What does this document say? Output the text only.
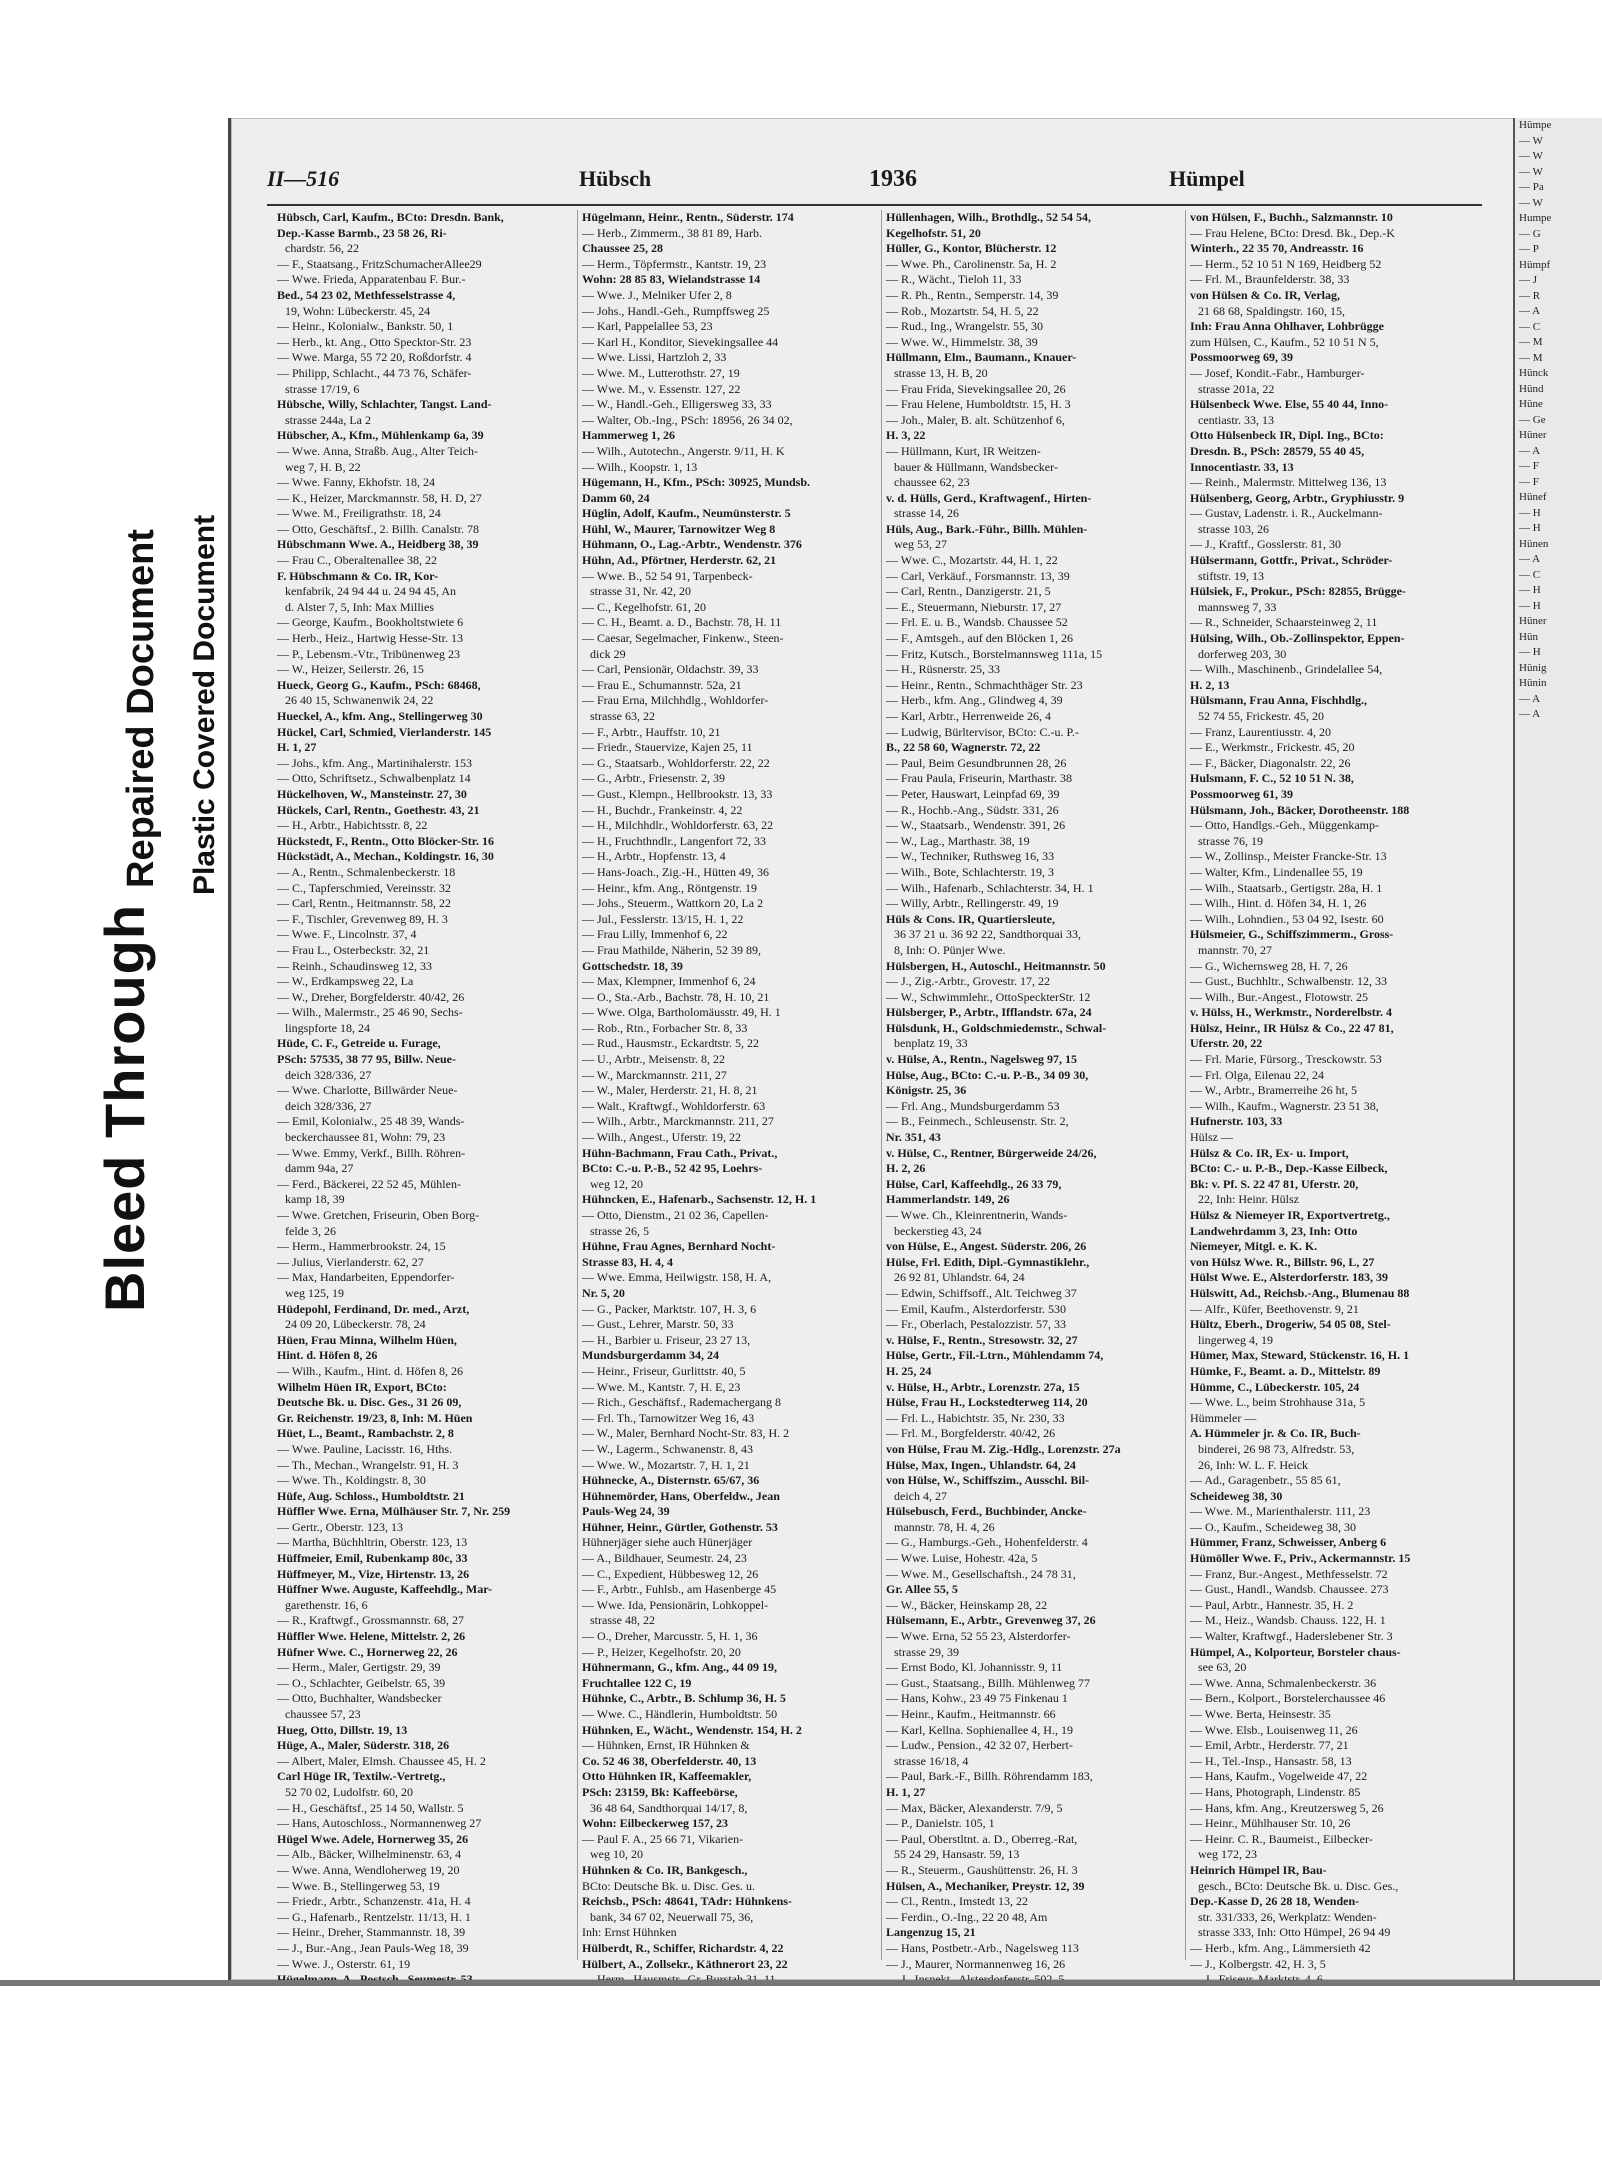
Bleed Through
Repaired Document Plastic Covered Document
II—516	Hübsch	1936	Hümpel
Hübsch, Carl, Kaufm., BCto: Dresdn. Bank,
Dep.-Kasse Barmb., 23 58 26, Ri-
chardstr. 56, 22
— F., Staatsang., FritzSchumacherAllee29
— Wwe. Frieda, Apparatenbau F. Bur.-
Bed., 54 23 02, Methfesselstrasse 4,
19, Wohn: Lübeckerstr. 45, 24
— Heinr., Kolonialw., Bankstr. 50, 1
— Herb., kt. Ang., Otto Specktor-Str. 23
— Wwe. Marga, 55 72 20, Roßdorfstr. 4
— Philipp, Schlacht., 44 73 76, Schäfer-
strasse 17/19, 6
Hübsche, Willy, Schlachter, Tangst. Land-
strasse 244a, La 2
Hübscher, A., Kfm., Mühlenkamp 6a, 39
— Wwe. Anna, Straßb. Aug., Alter Teich-
weg 7, H. B, 22
— Wwe. Fanny, Ekhofstr. 18, 24
— K., Heizer, Marckmannstr. 58, H. D, 27
— Wwe. M., Freiligrathstr. 18, 24
— Otto, Geschäftsf., 2. Billh. Canalstr. 78
Hübschmann Wwe. A., Heidberg 38, 39
— Frau C., Oberaltenallee 38, 22
F. Hübschmann & Co. IR, Kor-
kenfabrik, 24 94 44 u. 24 94 45, An
d. Alster 7, 5, Inh: Max Millies
— George, Kaufm., Bookholtstwiete 6
— Herb., Heiz., Hartwig Hesse-Str. 13
— P., Lebensm.-Vtr., Tribünenweg 23
— W., Heizer, Seilerstr. 26, 15
Hueck, Georg G., Kaufm., PSch: 68468,
26 40 15, Schwanenwik 24, 22
Hueckel, A., kfm. Ang., Stellingerweg 30
Hückel, Carl, Schmied, Vierlanderstr. 145
H. 1, 27
— Johs., kfm. Ang., Martinihalerstr. 153
— Otto, Schriftsetz., Schwalbenplatz 14
Hückelhoven, W., Mansteinstr. 27, 30
Hückels, Carl, Rentn., Goethestr. 43, 21
— H., Arbtr., Habichtsstr. 8, 22
Hückstedt, F., Rentn., Otto Blöcker-Str. 16
Hückstädt, A., Mechan., Koldingstr. 16, 30
— A., Rentn., Schmalenbeckerstr. 18
— C., Tapferschmied, Vereinsstr. 32
— Carl, Rentn., Heitmannstr. 58, 22
— F., Tischler, Grevenweg 89, H. 3
— Wwe. F., Lincolnstr. 37, 4
— Frau L., Osterbeckstr. 32, 21
— Reinh., Schaudinsweg 12, 33
— W., Erdkampsweg 22, La
— W., Dreher, Borgfelderstr. 40/42, 26
— Wilh., Malermstr., 25 46 90, Sechs-
lingspforte 18, 24
Hüde, C. F., Getreide u. Furage,
PSch: 57535, 38 77 95, Billw. Neue-
deich 328/336, 27
— Wwe. Charlotte, Billwärder Neue-
deich 328/336, 27
— Emil, Kolonialw., 25 48 39, Wands-
beckerchaussee 81, Wohn: 79, 23
— Wwe. Emmy, Verkf., Billh. Röhren-
damm 94a, 27
— Ferd., Bäckerei, 22 52 45, Mühlen-
kamp 18, 39
— Wwe. Gretchen, Friseurin, Oben Borg-
felde 3, 26
— Herm., Hammerbrookstr. 24, 15
— Julius, Vierlanderstr. 62, 27
— Max, Handarbeiten, Eppendorfer-
weg 125, 19
Hüdepohl, Ferdinand, Dr. med., Arzt,
24 09 20, Lübeckerstr. 78, 24
Hüen, Frau Minna, Wilhelm Hüen,
Hint. d. Höfen 8, 26
— Wilh., Kaufm., Hint. d. Höfen 8, 26
Wilhelm Hüen IR, Export, BCto:
Deutsche Bk. u. Disc. Ges., 31 26 09,
Gr. Reichenstr. 19/23, 8, Inh: M. Hüen
Hüet, L., Beamt., Rambachstr. 2, 8
— Wwe. Pauline, Lacisstr. 16, Hths.
— Th., Mechan., Wrangelstr. 91, H. 3
— Wwe. Th., Koldingstr. 8, 30
Hüfe, Aug. Schloss., Humboldtstr. 21
Hüffler Wwe. Erna, Mülhäuser Str. 7, Nr. 259
— Gertr., Oberstr. 123, 13
— Martha, Büchhltrin, Oberstr. 123, 13
Hüffmeier, Emil, Rubenkamp 80c, 33
Hüffmeyer, M., Vize, Hirtenstr. 13, 26
Hüffner Wwe. Auguste, Kaffeehdlg., Mar-
garethenstr. 16, 6
— R., Kraftwgf., Grossmannstr. 68, 27
Hüffler Wwe. Helene, Mittelstr. 2, 26
Hüfner Wwe. C., Hornerweg 22, 26
— Herm., Maler, Gertigstr. 29, 39
— O., Schlachter, Geibelstr. 65, 39
— Otto, Buchhalter, Wandsbecker
chaussee 57, 23
Hueg, Otto, Dillstr. 19, 13
Hüge, A., Maler, Süderstr. 318, 26
— Albert, Maler, Elmsh. Chaussee 45, H. 2
Carl Hüge IR, Textilw.-Vertretg.,
52 70 02, Ludolfstr. 60, 20
— H., Geschäftsf., 25 14 50, Wallstr. 5
— Hans, Autoschloss., Normannenweg 27
Hügel Wwe. Adele, Hornerweg 35, 26
— Alb., Bäcker, Wilhelminenstr. 63, 4
— Wwe. Anna, Wendloherweg 19, 20
— Wwe. B., Stellingerweg 53, 19
— Friedr., Arbtr., Schanzenstr. 41a, H. 4
— G., Hafenarb., Rentzelstr. 11/13, H. 1
— Heinr., Dreher, Stammannstr. 18, 39
— J., Bur.-Ang., Jean Pauls-Weg 18, 39
— Wwe. J., Osterstr. 61, 19
Hügelmann, Heinr., Rentn., Süderstr. 174
— Herb., Zimmerm., 38 81 89, Harb.
Chaussee 25, 28
— Herm., Töpfermstr., Kantstr. 19, 23
Wohn: 28 85 83, Wielandstrasse 14
— Wwe. J., Melniker Ufer 2, 8
— Johs., Handl.-Geh., Rumpffsweg 25
— Karl, Pappelallee 53, 23
— Karl H., Konditor, Sievekingsallee 44
— Wwe. Lissi, Hartzloh 2, 33
— Wwe. M., Lutterothstr. 27, 19
— Wwe. M., v. Essenstr. 127, 22
— W., Handl.-Geh., Elligersweg 33, 33
— Walter, Ob.-Ing., PSch: 18956, 26 34 02,
Hammerweg 1, 26
— Wilh., Autotechn., Angerstr. 9/11, H. K
— Wilh., Koopstr. 1, 13
Hügemann, H., Kfm., PSch: 30925, Mundsb.
Damm 60, 24
Hüglin, Adolf, Kaufm., Neumünsterstr. 5
Hühl, W., Maurer, Tarnowitzer Weg 8
Hühmann, O., Lag.-Arbtr., Wendenstr. 376
Hühn, Ad., Pförtner, Herderstr. 62, 21
— Wwe. B., 52 54 91, Tarpenbeck-
strasse 31, Nr. 42, 20
— C., Kegelhofstr. 61, 20
— C. H., Beamt. a. D., Bachstr. 78, H. 11
— Caesar, Segelmacher, Finkenw., Steen-
dick 29
— Carl, Pensionär, Oldachstr. 39, 33
— Frau E., Schumannstr. 52a, 21
— Frau Erna, Milchhdlg., Wohldorfer-
strasse 63, 22
— F., Arbtr., Hauffstr. 10, 21
— Friedr., Stauervize, Kajen 25, 11
— G., Staatsarb., Wohldorferstr. 22, 22
— G., Arbtr., Friesenstr. 2, 39
— Gust., Klempn., Hellbrookstr. 13, 33
— H., Buchdr., Frankeinstr. 4, 22
— H., Milchhdlr., Wohldorferstr. 63, 22
— H., Fruchthndlr., Langenfort 72, 33
— H., Arbtr., Hopfenstr. 13, 4
— Hans-Joach., Zig.-H., Hütten 49, 36
— Heinr., kfm. Ang., Röntgenstr. 19
— Johs., Steuerm., Wattkorn 20, La 2
— Jul., Fesslerstr. 13/15, H. 1, 22
— Frau Lilly, Immenhof 6, 22
— Frau Mathilde, Näherin, 52 39 89,
Gottschedstr. 18, 39
— Max, Klempner, Immenhof 6, 24
— O., Sta.-Arb., Bachstr. 78, H. 10, 21
— Wwe. Olga, Bartholomäusstr. 49, H. 1
— Rob., Rtn., Forbacher Str. 8, 33
— Rud., Hausmstr., Eckardtstr. 5, 22
— U., Arbtr., Meisenstr. 8, 22
— W., Marckmannstr. 211, 27
— W., Maler, Herderstr. 21, H. 8, 21
— Walt., Kraftwgf., Wohldorferstr. 63
— Wilh., Arbtr., Marckmannstr. 211, 27
— Wilh., Angest., Uferstr. 19, 22
Hühn-Bachmann, Frau Cath., Privat.,
BCto: C.-u. P.-B., 52 42 95, Loehrs-
weg 12, 20
Hühncken, E., Hafenarb., Sachsenstr. 12, H. 1
— Otto, Dienstm., 21 02 36, Capellen-
strasse 26, 5
Hühne, Frau Agnes, Bernhard Nocht-
Strasse 83, H. 4, 4
— Wwe. Emma, Heilwigstr. 158, H. A,
Nr. 5, 20
— G., Packer, Marktstr. 107, H. 3, 6
— Gust., Lehrer, Marstr. 50, 33
— H., Barbier u. Friseur, 23 27 13,
Mundsburgerdamm 34, 24
— Heinr., Friseur, Gurlittstr. 40, 5
— Wwe. M., Kantstr. 7, H. E, 23
— Rich., Geschäftsf., Rademachergang 8
— Frl. Th., Tarnowitzer Weg 16, 43
— W., Maler, Bernhard Nocht-Str. 83, H. 2
— W., Lagerm., Schwanenstr. 8, 43
— Wwe. W., Mozartstr. 7, H. 1, 21
Hühnecke, A., Disternstr. 65/67, 36
Hühnemörder, Hans, Oberfeldw., Jean
Pauls-Weg 24, 39
Hühner, Heinr., Gürtler, Gothenstr. 53
Hühnerjäger siehe auch Hünerjäger
— A., Bildhauer, Seumestr. 24, 23
— C., Expedient, Hübbesweg 12, 26
— F., Arbtr., Fuhlsb., am Hasenberge 45
— Wwe. Ida, Pensionärin, Lohkoppel-
strasse 48, 22
— O., Dreher, Marcusstr. 5, H. 1, 36
— P., Heizer, Kegelhofstr. 20, 20
Hühnermann, G., kfm. Ang., 44 09 19,
Fruchtallee 122 C, 19
Hühnke, C., Arbtr., B. Schlump 36, H. 5
— Wwe. C., Händlerin, Humboldtstr. 50
Hühnken, E., Wächt., Wendenstr. 154, H. 2
— Hühnken, Ernst, IR Hühnken &
Co. 52 46 38, Oberfelderstr. 40, 13
Otto Hühnken IR, Kaffeemakler,
PSch: 23159, Bk: Kaffeebörse,
36 48 64, Sandthorquai 14/17, 8,
Wohn: Eilbeckerweg 157, 23
— Paul F. A., 25 66 71, Vikarien-
weg 10, 20
Hühnken & Co. IR, Bankgesch.,
BCto: Deutsche Bk. u. Disc. Ges. u.
Reichsb., PSch: 48641, TAdr: Hühnkens-
bank, 34 67 02, Neuerwall 75, 36,
Inh: Ernst Hühnken
Hülberdt, R., Schiffer, Richardstr. 4, 22
Hülbert, A., Zollsekr., Käthnerort 23, 22
Hüllenhagen, Wilh., Brothdlg., 52 54 54,
Kegelhofstr. 51, 20
Hüller, G., Kontor, Blücherstr. 12
— Wwe. Ph., Carolinenstr. 5a, H. 2
— R., Wächt., Tieloh 11, 33
— R. Ph., Rentn., Semperstr. 14, 39
— Rob., Mozartstr. 54, H. 5, 22
— Rud., Ing., Wrangelstr. 55, 30
— Wwe. W., Himmelstr. 38, 39
Hüllmann, Elm., Baumann., Knauer-
strasse 13, H. B, 20
— Frau Frida, Sievekingsallee 20, 26
— Frau Helene, Humboldtstr. 15, H. 3
— Joh., Maler, B. alt. Schützenhof 6,
H. 3, 22
— Hüllmann, Kurt, IR Weitzen-
bauer & Hüllmann, Wandsbecker-
chaussee 62, 23
v. d. Hülls, Gerd., Kraftwagenf., Hirten-
strasse 14, 26
Hüls, Aug., Bark.-Führ., Billh. Mühlen-
weg 53, 27
— Wwe. C., Mozartstr. 44, H. 1, 22
— Carl, Verkäuf., Forsmannstr. 13, 39
— Carl, Rentn., Danzigerstr. 21, 5
— E., Steuermann, Nieburstr. 17, 27
— Frl. E. u. B., Wandsb. Chaussee 52
— F., Amtsgeh., auf den Blöcken 1, 26
— Fritz, Kutsch., Borstelmannsweg 111a, 15
— H., Rüsnerstr. 25, 33
— Heinr., Rentn., Schmachthäger Str. 23
— Herb., kfm. Ang., Glindweg 4, 39
— Karl, Arbtr., Herrenweide 26, 4
— Ludwig, Bürltervisor, BCto: C.-u. P.-
B., 22 58 60, Wagnerstr. 72, 22
— Paul, Beim Gesundbrunnen 28, 26
— Frau Paula, Friseurin, Marthastr. 38
— Peter, Hauswart, Leinpfad 69, 39
— R., Hochb.-Ang., Südstr. 331, 26
— W., Staatsarb., Wendenstr. 391, 26
— W., Lag., Marthastr. 38, 19
— W., Techniker, Ruthsweg 16, 33
— Wilh., Bote, Schlachterstr. 19, 3
— Wilh., Hafenarb., Schlachterstr. 34, H. 1
— Willy, Arbtr., Rellingerstr. 49, 19
Hüls & Cons. IR, Quartiersleute,
36 37 21 u. 36 92 22, Sandthorquai 33,
8, Inh: O. Pünjer Wwe.
Hülsbergen, H., Autoschl., Heitmannstr. 50
— J., Zig.-Arbtr., Grovestr. 17, 22
— W., Schwimmlehr., OttoSpeckterStr. 12
Hülsberger, P., Arbtr., Ifflandstr. 67a, 24
Hülsdunk, H., Goldschmiedemstr., Schwal-
benplatz 19, 33
v. Hülse, A., Rentn., Nagelsweg 97, 15
Hülse, Aug., BCto: C.-u. P.-B., 34 09 30,
Königstr. 25, 36
— Frl. Ang., Mundsburgerdamm 53
— B., Feinmech., Schleusenstr. Str. 2,
Nr. 351, 43
v. Hülse, C., Rentner, Bürgerweide 24/26,
H. 2, 26
Hülse, Carl, Kaffeehdlg., 26 33 79,
Hammerlandstr. 149, 26
— Wwe. Ch., Kleinrentnerin, Wands-
beckerstieg 43, 24
von Hülse, E., Angest. Süderstr. 206, 26
Hülse, Frl. Edith, Dipl.-Gymnastiklehr.,
26 92 81, Uhlandstr. 64, 24
— Edwin, Schiffsoff., Alt. Teichweg 37
— Emil, Kaufm., Alsterdorferstr. 530
— Fr., Oberlach, Pestalozzistr. 57, 33
v. Hülse, F., Rentn., Stresowstr. 32, 27
Hülse, Gertr., Fil.-Ltrn., Mühlendamm 74,
H. 25, 24
v. Hülse, H., Arbtr., Lorenzstr. 27a, 15
Hülse, Frau H., Lockstedterweg 114, 20
— Frl. L., Habichtstr. 35, Nr. 230, 33
— Frl. M., Borgfelderstr. 40/42, 26
von Hülse, Frau M. Zig.-Hdlg., Lorenzstr. 27a
Hülse, Max, Ingen., Uhlandstr. 64, 24
von Hülse, W., Schiffszim., Ausschl. Bil-
deich 4, 27
Hülsebusch, Ferd., Buchbinder, Ancke-
mannstr. 78, H. 4, 26
— G., Hamburgs.-Geh., Hohenfelderstr. 4
— Wwe. Luise, Hohestr. 42a, 5
— Wwe. M., Gesellschaftsh., 24 78 31,
Gr. Allee 55, 5
— W., Bäcker, Heinskamp 28, 22
Hülsemann, E., Arbtr., Grevenweg 37, 26
— Wwe. Erna, 52 55 23, Alsterdorfer-
strasse 29, 39
— Ernst Bodo, Kl. Johannisstr. 9, 11
— Gust., Staatsang., Billh. Mühlenweg 77
— Hans, Kohw., 23 49 75 Finkenau 1
— Heinr., Kaufm., Heitmannstr. 66
— Karl, Kellna. Sophienallee 4, H., 19
— Ludw., Pension., 42 32 07, Herbert-
strasse 16/18, 4
— Paul, Bark.-F., Billh. Röhrendamm 183,
H. 1, 27
— Max, Bäcker, Alexanderstr. 7/9, 5
— P., Danielstr. 105, 1
— Paul, Oberstltnt. a. D., Oberreg.-Rat,
55 24 29, Hansastr. 59, 13
— R., Steuerm., Gaushüttenstr. 26, H. 3
Hülsen, A., Mechaniker, Preystr. 12, 39
— Cl., Rentn., Imstedt 13, 22
— Ferdin., O.-Ing., 22 20 48, Am
Langenzug 15, 21
— Hans, Postbetr.-Arb., Nagelsweg 113
— J., Maurer, Normannenweg 16, 26
von Hülsen, F., Buchh., Salzmannstr. 10
— Frau Helene, BCto: Dresd. Bk., Dep.-K
Winterh., 22 35 70, Andreasstr. 16
— Herm., 52 10 51 N 169, Heidberg 52
— Frl. M., Braunfelderstr. 38, 33
von Hülsen & Co. IR, Verlag,
21 68 68, Spaldingstr. 160, 15,
Inh: Frau Anna Ohlhaver, Lohbrügge
zum Hülsen, C., Kaufm., 52 10 51 N 5,
Possmoorweg 69, 39
— Josef, Kondit.-Fabr., Hamburger-
strasse 201a, 22
Hülsenbeck Wwe. Else, 55 40 44, Inno-
centiastr. 33, 13
Otto Hülsenbeck IR, Dipl. Ing., BCto:
Dresdn. B., PSch: 28579, 55 40 45,
Innocentiastr. 33, 13
— Reinh., Malermstr. Mittelweg 136, 13
Hülsenberg, Georg, Arbtr., Gryphiusstr. 9
— Gustav, Ladenstr. i. R., Auckelmann-
strasse 103, 26
— J., Kraftf., Gosslerstr. 81, 30
Hülsermann, Gottfr., Privat., Schröder-
stiftstr. 19, 13
Hülsiek, F., Prokur., PSch: 82855, Brügge-
mannsweg 7, 33
— R., Schneider, Schaarsteinweg 2, 11
Hülsing, Wilh., Ob.-Zollinspektor, Eppen-
dorferweg 203, 30
— Wilh., Maschinenb., Grindelallee 54,
H. 2, 13
Hülsmann, Frau Anna, Fischhdlg.,
52 74 55, Frickestr. 45, 20
— Franz, Laurentiusstr. 4, 20
— E., Werkmstr., Frickestr. 45, 20
— F., Bäcker, Diagonalstr. 22, 26
Hulsmann, F. C., 52 10 51 N. 38,
Possmoorweg 61, 39
Hülsmann, Joh., Bäcker, Dorotheenstr. 188
— Otto, Handlgs.-Geh., Müggenkamp-
strasse 76, 19
— W., Zollinsp., Meister Francke-Str. 13
— Walter, Kfm., Lindenallee 55, 19
— Wilh., Staatsarb., Gertigstr. 28a, H. 1
— Wilh., Hint. d. Höfen 34, H. 1, 26
— Wilh., Lohndien., 53 04 92, Isestr. 60
Hülsmeier, G., Schiffszimmerm., Gross-
mannstr. 70, 27
— G., Wichernsweg 28, H. 7, 26
— Gust., Buchhltr., Schwalbenstr. 12, 33
— Wilh., Bur.-Angest., Flotowstr. 25
v. Hülss, H., Werkmstr., Norderelbstr. 4
Hülsz, Heinr., IR Hülsz & Co., 22 47 81,
Uferstr. 20, 22
— Frl. Marie, Fürsorg., Tresckowstr. 53
— Frl. Olga, Eilenau 22, 24
— W., Arbtr., Bramerreihe 26 ht, 5
— Wilh., Kaufm., Wagnerstr. 23 51 38,
Hufnerstr. 103, 33
Hülsz —
Hülsz & Co. IR, Ex- u. Import,
BCto: C.- u. P.-B., Dep.-Kasse Eilbeck,
Bk: v. Pf. S. 22 47 81, Uferstr. 20,
22, Inh: Heinr. Hülsz
Hülsz & Niemeyer IR, Exportvertretg.,
Landwehrdamm 3, 23, Inh: Otto
Niemeyer, Mitgl. e. K. K.
von Hülsz Wwe. R., Billstr. 96, L, 27
Hülst Wwe. E., Alsterdorferstr. 183, 39
Hülswitt, Ad., Reichsb.-Ang., Blumenau 88
— Alfr., Küfer, Beethovenstr. 9, 21
Hültz, Eberh., Drogeriw, 54 05 08, Stel-
lingerweg 4, 19
Hümer, Max, Steward, Stückenstr. 16, H. 1
Hümke, F., Beamt. a. D., Mittelstr. 89
Hümme, C., Lübeckerstr. 105, 24
— Wwe. L., beim Strohhause 31a, 5
Hümmeler —
A. Hümmeler jr. & Co. IR, Buch-
binderei, 26 98 73, Alfredstr. 53,
26, Inh: W. L. F. Heick
— Ad., Garagenbetr., 55 85 61,
Scheideweg 38, 30
— Wwe. M., Marienthalerstr. 111, 23
— O., Kaufm., Scheideweg 38, 30
Hümmer, Franz, Schweisser, Anberg 6
Hümöller Wwe. F., Priv., Ackermannstr. 15
— Franz, Bur.-Angest., Methfesselstr. 72
— Gust., Handl., Wandsb. Chaussee. 273
— Paul, Arbtr., Hannestr. 35, H. 2
— M., Heiz., Wandsb. Chauss. 122, H. 1
— Walter, Kraftwgf., Haderslebener Str. 3
Hümpel, A., Kolporteur, Borsteler chaus-
see 63, 20
— Wwe. Anna, Schmalenbeckerstr. 36
— Bern., Kolport., Borstelerchaussee 46
— Wwe. Berta, Heinsestr. 35
— Wwe. Elsb., Louisenweg 11, 26
— Emil, Arbtr., Herderstr. 77, 21
— H., Tel.-Insp., Hansastr. 58, 13
— Hans, Kaufm., Vogelweide 47, 22
— Hans, Photograph, Lindenstr. 85
— Hans, kfm. Ang., Kreutzersweg 5, 26
— Heinr., Mühlhauser Str. 10, 26
— Heinr. C. R., Baumeist., Eilbecker-
weg 172, 23
Heinrich Hümpel IR, Bau-
gesch., BCto: Deutsche Bk. u. Disc. Ges.,
Dep.-Kasse D, 26 28 18, Wenden-
str. 331/333, 26, Werkplatz: Wenden-
strasse 333, Inh: Otto Hümpel, 26 94 49
— Herb., kfm. Ang., Lämmersieth 42
— J., Kolbergstr. 42, H. 3, 5
Hümpe
— W
— W
— W
— Pa
— W
Humpe
— G
— P
Hümpf
— J
— R
— A
— C
— M
— M
Hünck
Hünd
Hüne
— Ge
Hüner
— A
— F
— F
Hünef
— H
— H
Hünen
— A
— C
— H
— H
Hüner
Hün
— H
Hünig
Hünin
— A
— A
